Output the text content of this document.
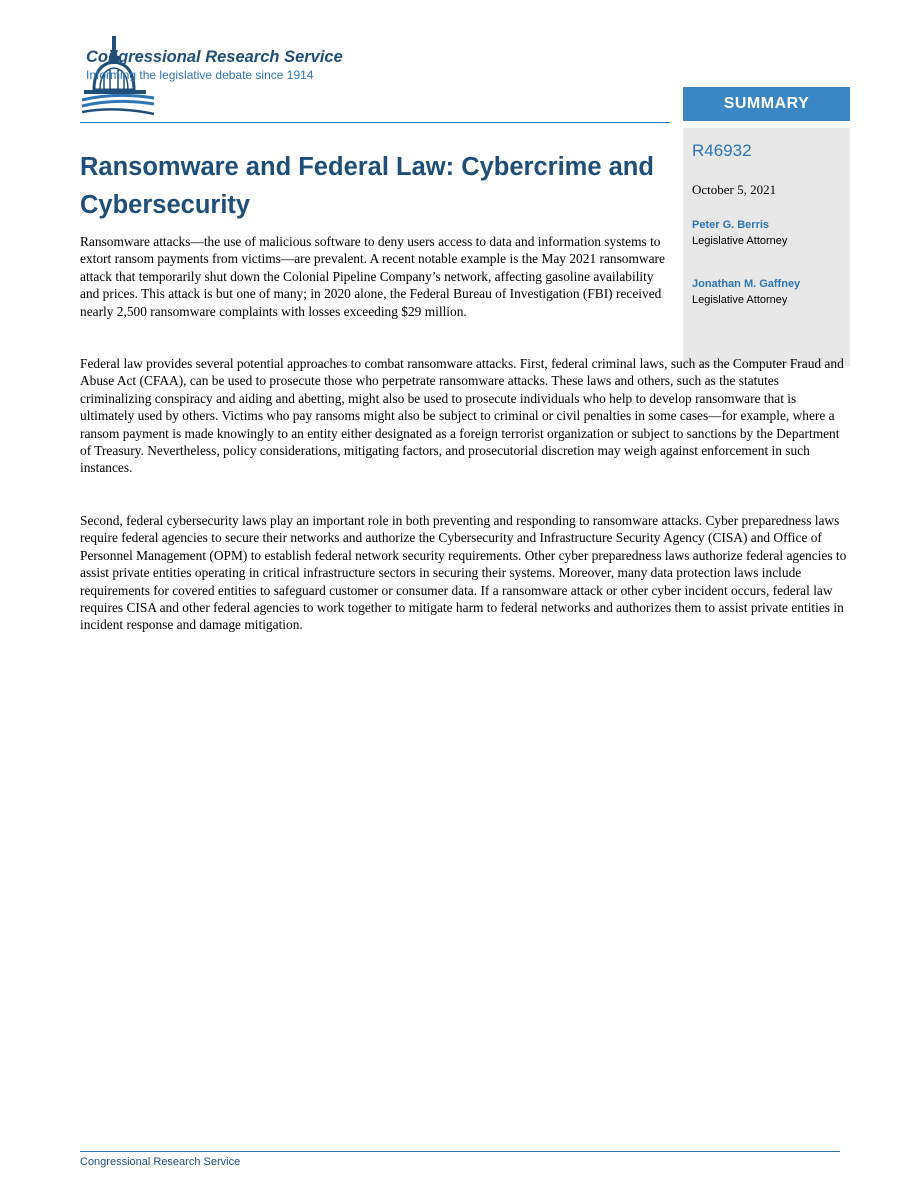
Congressional Research Service
Informing the legislative debate since 1914
SUMMARY
R46932
October 5, 2021
Peter G. Berris
Legislative Attorney
Jonathan M. Gaffney
Legislative Attorney
Ransomware and Federal Law: Cybercrime and Cybersecurity

Ransomware attacks—the use of malicious software to deny users access to data and information systems to extort ransom payments from victims—are prevalent. A recent notable example is the May 2021 ransomware attack that temporarily shut down the Colonial Pipeline Company’s network, affecting gasoline availability and prices. This attack is but one of many; in 2020 alone, the Federal Bureau of Investigation (FBI) received nearly 2,500 ransomware complaints with losses exceeding $29 million.

Federal law provides several potential approaches to combat ransomware attacks. First, federal criminal laws, such as the Computer Fraud and Abuse Act (CFAA), can be used to prosecute those who perpetrate ransomware attacks. These laws and others, such as the statutes criminalizing conspiracy and aiding and abetting, might also be used to prosecute individuals who help to develop ransomware that is ultimately used by others. Victims who pay ransoms might also be subject to criminal or civil penalties in some cases—for example, where a ransom payment is made knowingly to an entity either designated as a foreign terrorist organization or subject to sanctions by the Department of Treasury. Nevertheless, policy considerations, mitigating factors, and prosecutorial discretion may weigh against enforcement in such instances.

Second, federal cybersecurity laws play an important role in both preventing and responding to ransomware attacks. Cyber preparedness laws require federal agencies to secure their networks and authorize the Cybersecurity and Infrastructure Security Agency (CISA) and Office of Personnel Management (OPM) to establish federal network security requirements. Other cyber preparedness laws authorize federal agencies to assist private entities operating in critical infrastructure sectors in securing their systems. Moreover, many data protection laws include requirements for covered entities to safeguard customer or consumer data. If a ransomware attack or other cyber incident occurs, federal law requires CISA and other federal agencies to work together to mitigate harm to federal networks and authorizes them to assist private entities in incident response and damage mitigation.

Congressional Research Service
